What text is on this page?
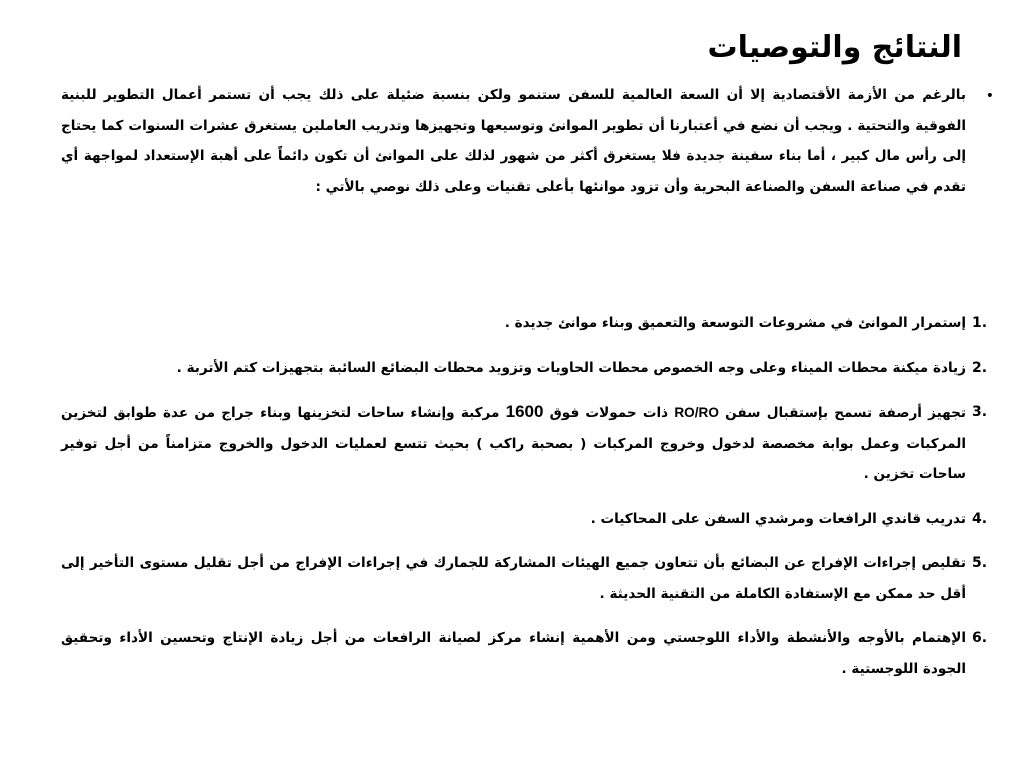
النتائج والتوصيات
•
بالرغم من الأزمة الأقتصادية إلا أن السعة العالمية للسفن ستنمو ولكن بنسبة ضئيلة على ذلك يجب أن تستمر أعمال التطوير للبنية الفوقية والتحتية . ويجب أن نضع في أعتبارنا أن تطوير الموانئ وتوسيعها وتجهيزها وتدريب العاملين يستغرق عشرات السنوات كما يحتاج إلى رأس مال كبير ، أما بناء سفينة جديدة فلا يستغرق أكثر من شهور لذلك على الموانئ أن تكون دائماً على أهبة الإستعداد لمواجهة أي تقدم في صناعة السفن والصناعة البحرية وأن تزود موانئها بأعلى تقنيات وعلى ذلك نوصي بالأتي :
1.
إستمرار الموانئ في مشروعات التوسعة والتعميق وبناء موانئ جديدة .
2.
زيادة ميكنة محطات الميناء وعلى وجه الخصوص محطات الحاويات وتزويد محطات البضائع السائبة بتجهيزات كتم الأتربة .
3.
تجهيز أرصفة تسمح بإستقبال سفن RO/RO ذات حمولات فوق 1600 مركبة وإنشاء ساحات لتخزينها وبناء جراج من عدة طوابق لتخزين المركبات وعمل بوابة مخصصة لدخول وخروج المركبات ( بصحبة راكب ) بحيث تتسع لعمليات الدخول والخروج متزامناً من أجل توفير ساحات تخزين .
4.
تدريب قاندي الرافعات ومرشدي السفن على المحاكيات .
5.
تقليص إجراءات الإفراج عن البضائع بأن تتعاون جميع الهيئات المشاركة للجمارك في إجراءات الإفراج من أجل تقليل مستوى التأخير إلى أقل حد ممكن مع الإستفادة الكاملة من التقنية الحديثة .
6.
الإهتمام بالأوجه والأنشطة والأداء اللوجستي ومن الأهمية إنشاء مركز لصيانة الرافعات من أجل زيادة الإنتاج وتحسين الأداء وتحقيق الجودة اللوجستية .
